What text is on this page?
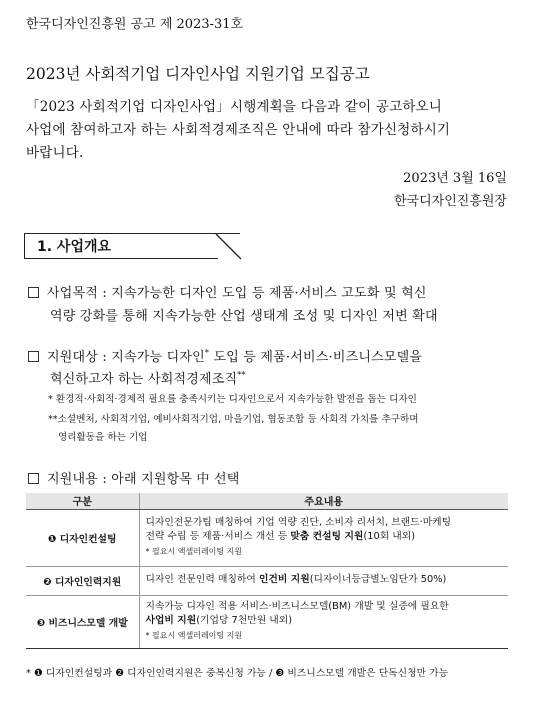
한국디자인진흥원 공고 제 2023-31호
2023년 사회적기업 디자인사업 지원기업 모집공고
「2023 사회적기업 디자인사업」시행계획을 다음과 같이 공고하오니
사업에 참여하고자 하는 사회적경제조직은 안내에 따라 참가신청하시기
바랍니다.
2023년 3월 16일
한국디자인진흥원장
1. 사업개요
사업목적 : 지속가능한 디자인 도입 등 제품·서비스 고도화 및 혁신
역량 강화를 통해 지속가능한 산업 생태계 조성 및 디자인 저변 확대
지원대상 : 지속가능 디자인* 도입 등 제품·서비스·비즈니스모델을
혁신하고자 하는 사회적경제조직**
* 환경적·사회적·경제적 필요를 충족시키는 디자인으로서 지속가능한 발전을 돕는 디자인
**소셜벤처, 사회적기업, 예비사회적기업, 마을기업, 협동조합 등 사회적 가치를 추구하며
영리활동을 하는 기업
지원내용 : 아래 지원항목 中 선택
구분	주요내용
❶ 디자인컨설팅	디자인전문가팀 매칭하여 기업 역량 진단, 소비자 리서치, 브랜드·마케팅
전략 수립 등 제품·서비스 개선 등 맞춤 컨설팅 지원(10회 내외)
* 필요시 액셀러레이팅 지원

❷ 디자인인력지원	디자인 전문인력 매칭하여 인건비 지원(디자이너등급별노임단가 50%)
❸ 비즈니스모델 개발	지속가능 디자인 적용 서비스·비즈니스모델(BM) 개발 및 실증에 필요한
사업비 지원(기업당 7천만원 내외)
* 필요시 액셀러레이팅 지원
* ❶ 디자인컨설팅과 ❷ 디자인인력지원은 중복신청 가능 / ❸ 비즈니스모델 개발은 단독신청만 가능
